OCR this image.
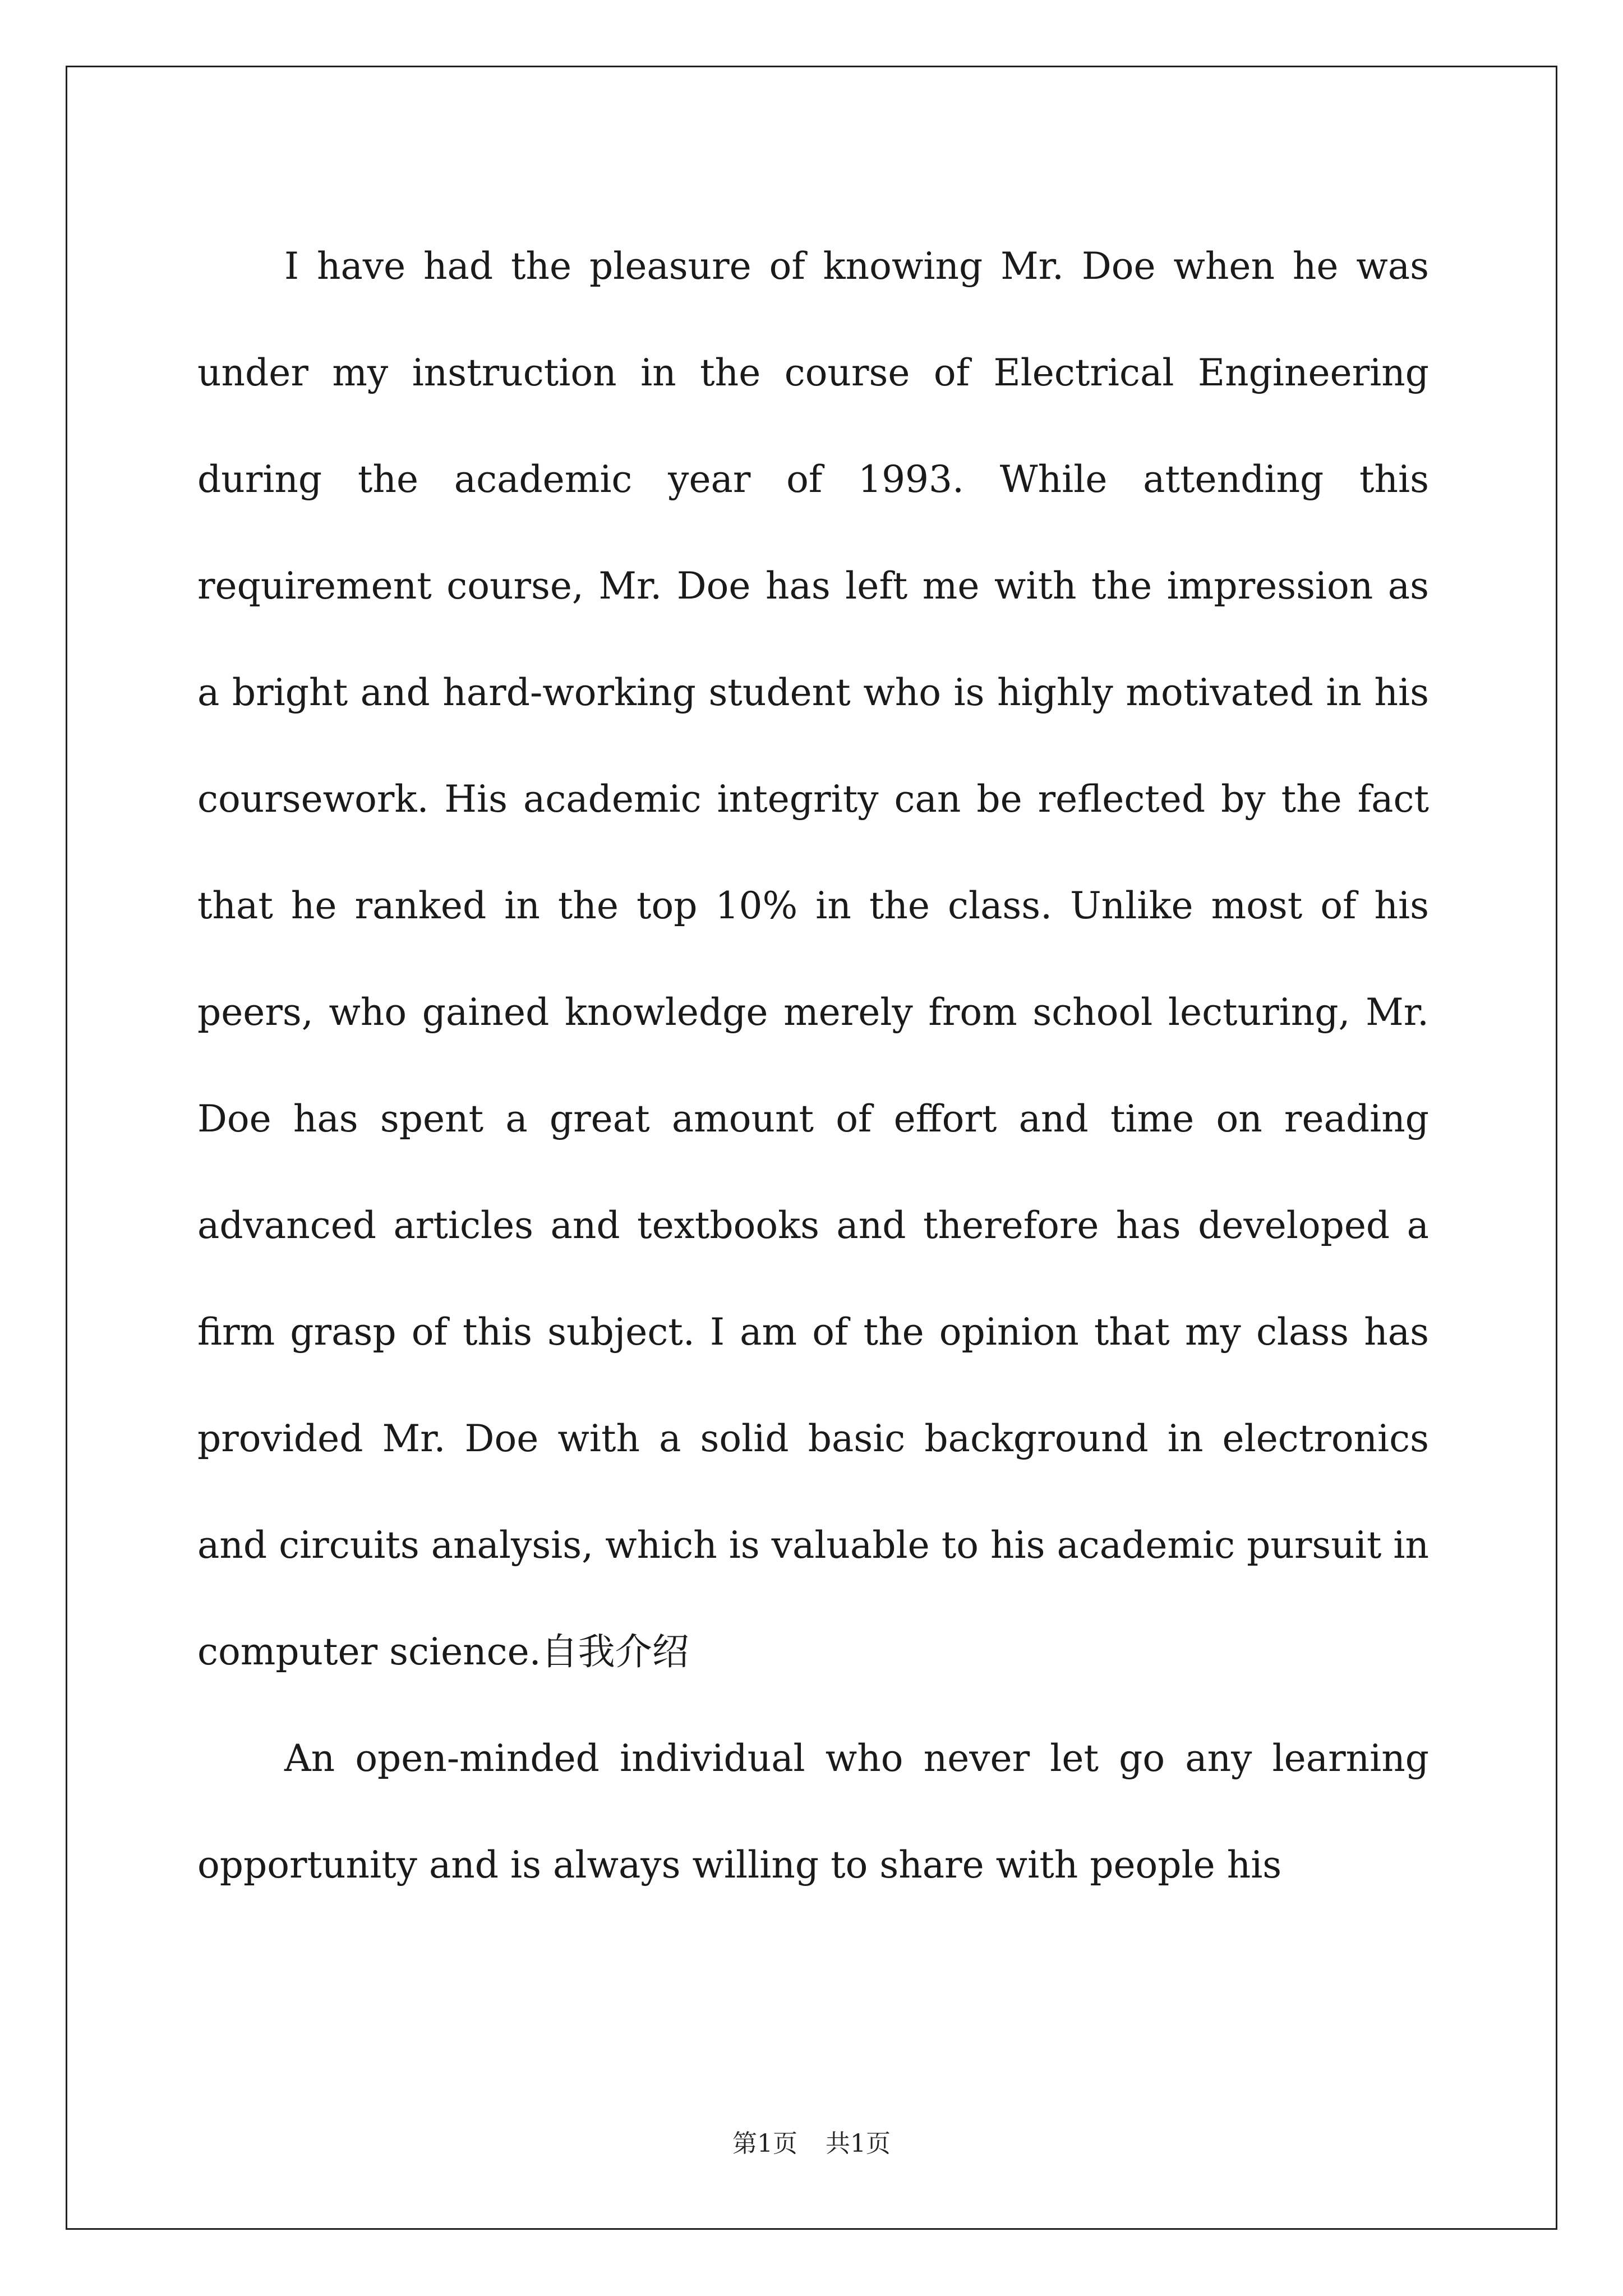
I have had the pleasure of knowing Mr. Doe when he was under my instruction in the course of Electrical Engineering during the academic year of 1993. While attending this requirement course, Mr. Doe has left me with the impression as a bright and hard-working student who is highly motivated in his coursework. His academic integrity can be reflected by the fact that he ranked in the top 10% in the class. Unlike most of his peers, who gained knowledge merely from school lecturing, Mr. Doe has spent a great amount of effort and time on reading advanced articles and textbooks and therefore has developed a firm grasp of this subject. I am of the opinion that my class has provided Mr. Doe with a solid basic background in electronics and circuits analysis, which is valuable to his academic pursuit in computer science.自我介绍

An open-minded individual who never let go any learning opportunity and is always willing to share with people his

第1页 共1页
